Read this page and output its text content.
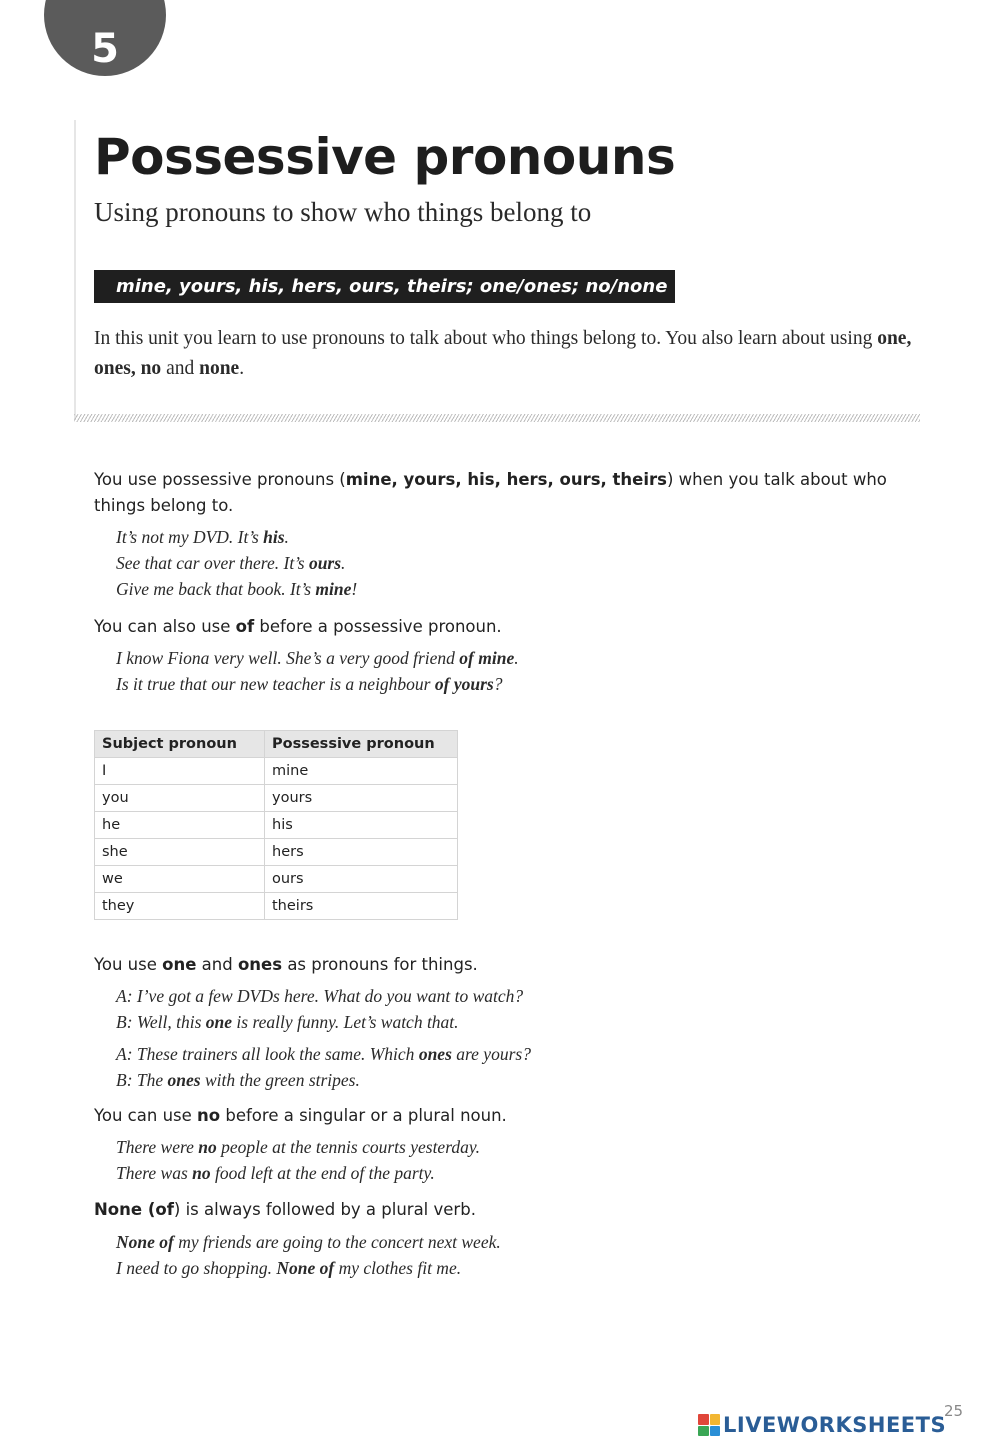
5
Possessive pronouns
Using pronouns to show who things belong to
mine, yours, his, hers, ours, theirs; one/ones; no/none
In this unit you learn to use pronouns to talk about who things belong to. You also learn about using one, ones, no and none.
You use possessive pronouns (mine, yours, his, hers, ours, theirs) when you talk about who things belong to.
It’s not my DVD. It’s his.
See that car over there. It’s ours.
Give me back that book. It’s mine!
You can also use of before a possessive pronoun.
I know Fiona very well. She’s a very good friend of mine.
Is it true that our new teacher is a neighbour of yours?
Subject pronoun	Possessive pronoun
I	mine
you	yours
he	his
she	hers
we	ours
they	theirs
You use one and ones as pronouns for things.
A: I’ve got a few DVDs here. What do you want to watch?
B: Well, this one is really funny. Let’s watch that.
A: These trainers all look the same. Which ones are yours?
B: The ones with the green stripes.
You can use no before a singular or a plural noun.
There were no people at the tennis courts yesterday.
There was no food left at the end of the party.
None (of) is always followed by a plural verb.
None of my friends are going to the concert next week.
I need to go shopping. None of my clothes fit me.
25
LIVEWORKSHEETS
